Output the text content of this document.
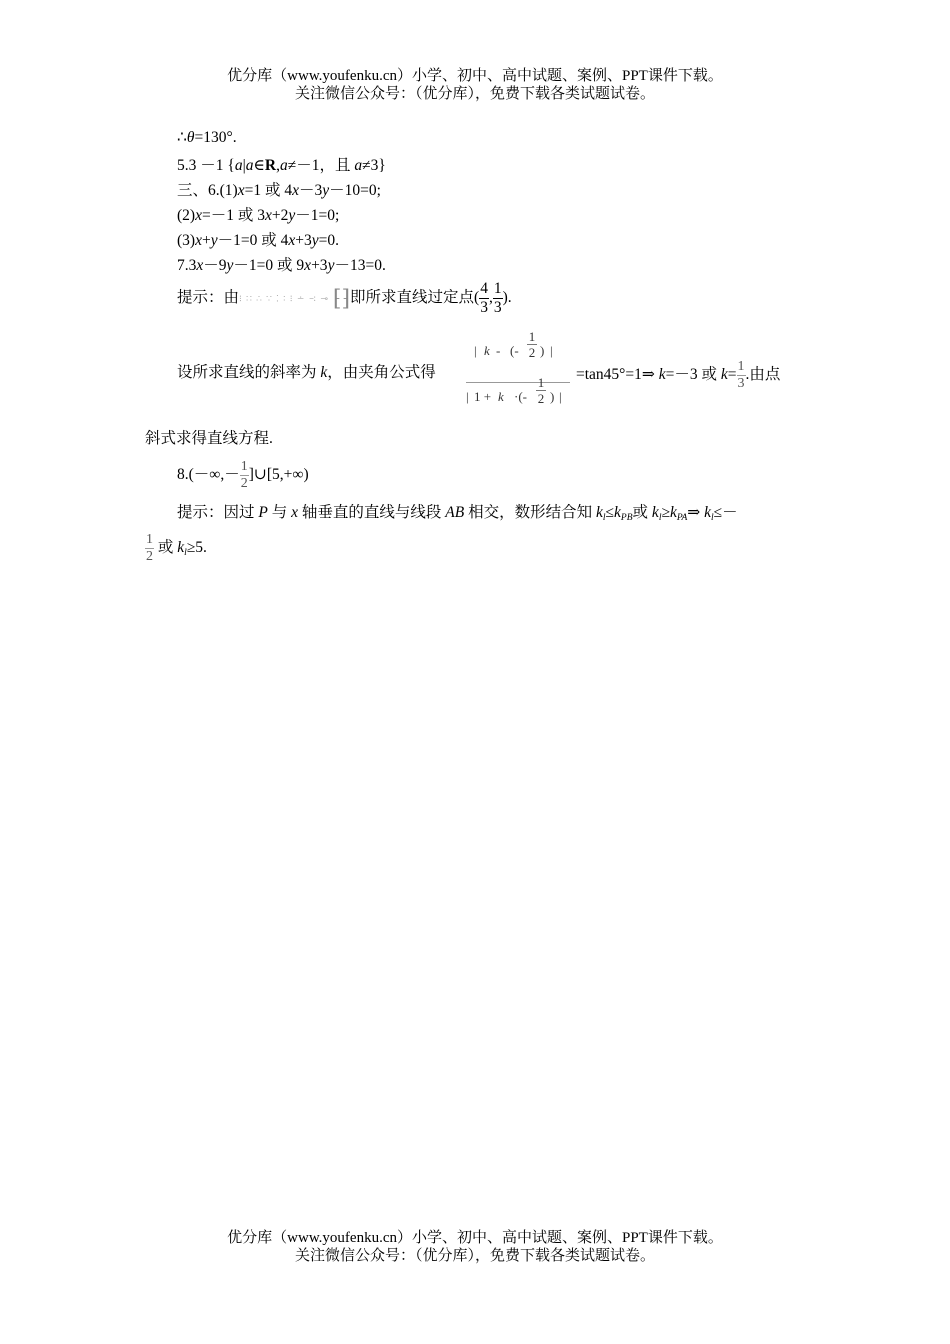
优分库（www.youfenku.cn）小学、初中、高中试题、案例、PPT课件下载。
关注微信公众号：（优分库），免费下载各类试题试卷。
∴θ=130°.
5.3 －1 {a|a∈R,a≠－1，且 a≠3}
三、6.(1)x=1 或 4x－3y－10=0;
(2)x=－1 或 3x+2y－1=0;
(3)x+y－1=0 或 4x+3y=0.
7.3x－9y－1=0 或 9x+3y－13=0.
提示：由⁝ ∷ ∴ ∵ ⁚ ∶ ⁝ ∸ ∹ ⊸ ⁅⁆即所求直线过定点( $\frac{4}{3}$ , $\frac{1}{3}$ ).
设所求直线的斜率为 k，由夹角公式得
| k - (-
1
2 ) |
| 1 + k ·(-
1
2 ) |
=tan45°=1⇒ k=－3 或 $k= \frac{1}{3}$ .由点
斜式求得直线方程.
$8.(-\infty,- \frac{1}{2}$ ]∪[5,+∞)
提示：因过 P 与 x 轴垂直的直线与线段 AB 相交，数形结合知 $k_l\le k_{PB}$或 $k_l\ge k_{PA}\Rightarrow$ $k_l\le-$
$\frac{1}{2}$ 或 $k_l\ge 5$.
优分库（www.youfenku.cn）小学、初中、高中试题、案例、PPT课件下载。
关注微信公众号：（优分库），免费下载各类试题试卷。
